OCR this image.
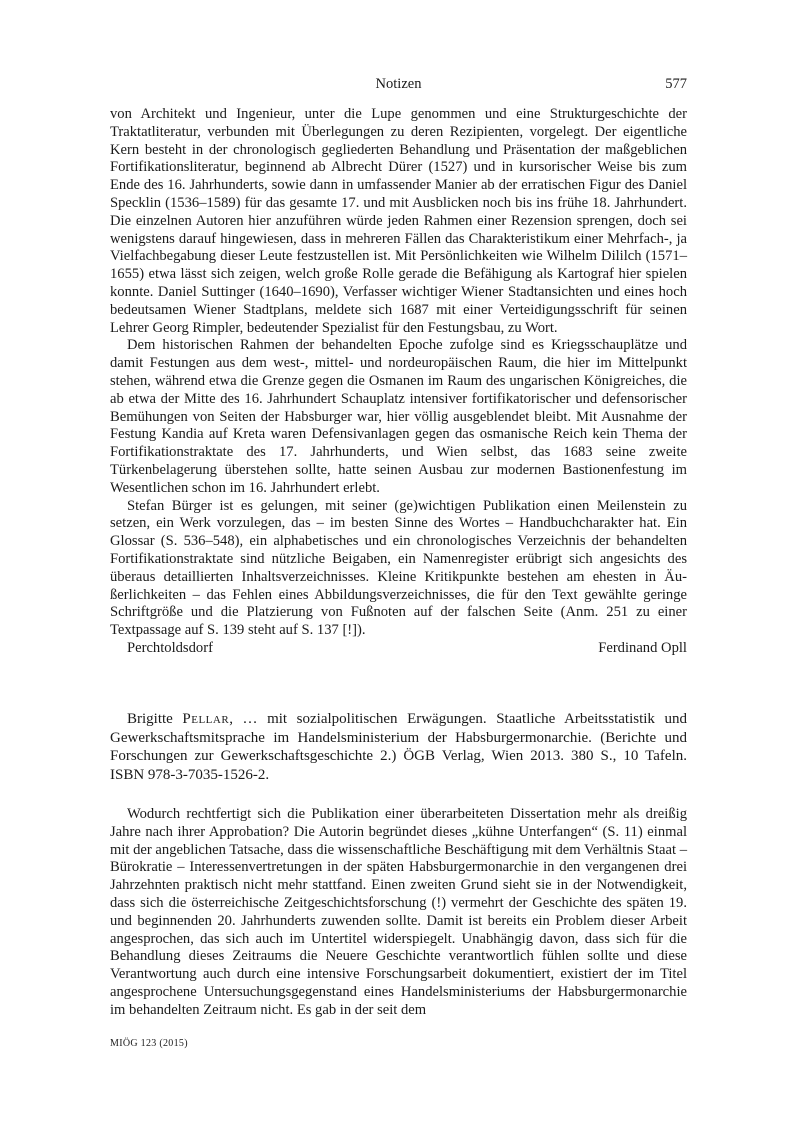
Notizen	577

von Architekt und Ingenieur, unter die Lupe genommen und eine Strukturgeschichte der Traktatliteratur, verbunden mit Überlegungen zu deren Rezipienten, vorgelegt. Der eigentliche Kern besteht in der chronologisch gegliederten Behandlung und Präsentation der maßgeblichen Fortifikationsliteratur, beginnend ab Albrecht Dürer (1527) und in kursorischer Weise bis zum Ende des 16. Jahrhunderts, sowie dann in umfassender Manier ab der erratischen Figur des Daniel Specklin (1536–1589) für das gesamte 17. und mit Ausblicken noch bis ins frühe 18. Jahrhundert. Die einzelnen Autoren hier anzuführen würde jeden Rahmen einer Rezension sprengen, doch sei wenigstens darauf hingewiesen, dass in mehreren Fällen das Charakteristikum einer Mehrfach-, ja Vielfachbegabung dieser Leute festzustellen ist. Mit Persönlichkeiten wie Wilhelm Dililch (1571–1655) etwa lässt sich zeigen, welch große Rolle gerade die Befähigung als Kartograf hier spielen konnte. Daniel Suttinger (1640–1690), Verfasser wichtiger Wiener Stadtansichten und eines hoch bedeutsamen Wiener Stadtplans, meldete sich 1687 mit einer Verteidigungsschrift für seinen Lehrer Georg Rimpler, bedeutender Spezialist für den Festungsbau, zu Wort.

Dem historischen Rahmen der behandelten Epoche zufolge sind es Kriegsschauplätze und damit Festungen aus dem west-, mittel- und nordeuropäischen Raum, die hier im Mittelpunkt stehen, während etwa die Grenze gegen die Osmanen im Raum des ungarischen Königreiches, die ab etwa der Mitte des 16. Jahrhundert Schauplatz intensiver fortifikatorischer und defensorischer Bemühungen von Seiten der Habsburger war, hier völlig ausgeblendet bleibt. Mit Ausnahme der Festung Kandia auf Kreta waren Defensivanlagen gegen das osmanische Reich kein Thema der Fortifikationstraktate des 17. Jahrhunderts, und Wien selbst, das 1683 seine zweite Türkenbelagerung überstehen sollte, hatte seinen Ausbau zur modernen Bastionenfestung im Wesentlichen schon im 16. Jahrhundert erlebt.

Stefan Bürger ist es gelungen, mit seiner (ge)wichtigen Publikation einen Meilenstein zu setzen, ein Werk vorzulegen, das – im besten Sinne des Wortes – Handbuchcharakter hat. Ein Glossar (S. 536–548), ein alphabetisches und ein chronologisches Verzeichnis der behandelten Fortifikationstraktate sind nützliche Beigaben, ein Namenregister erübrigt sich angesichts des überaus detaillierten Inhaltsverzeichnisses. Kleine Kritikpunkte bestehen am ehesten in Äußerlichkeiten – das Fehlen eines Abbildungsverzeichnisses, die für den Text gewählte geringe Schriftgröße und die Platzierung von Fußnoten auf der falschen Seite (Anm. 251 zu einer Textpassage auf S. 139 steht auf S. 137 [!]).

Perchtoldsdorf	Ferdinand Opll

Brigitte Pellar, … mit sozialpolitischen Erwägungen. Staatliche Arbeitsstatistik und Gewerkschaftsmitsprache im Handelsministerium der Habsburgermonarchie. (Berichte und Forschungen zur Gewerkschaftsgeschichte 2.) ÖGB Verlag, Wien 2013. 380 S., 10 Tafeln. ISBN 978-3-7035-1526-2.

Wodurch rechtfertigt sich die Publikation einer überarbeiteten Dissertation mehr als dreißig Jahre nach ihrer Approbation? Die Autorin begründet dieses „kühne Unterfangen“ (S. 11) einmal mit der angeblichen Tatsache, dass die wissenschaftliche Beschäftigung mit dem Verhältnis Staat – Bürokratie – Interessenvertretungen in der späten Habsburgermonarchie in den vergangenen drei Jahrzehnten praktisch nicht mehr stattfand. Einen zweiten Grund sieht sie in der Notwendigkeit, dass sich die österreichische Zeitgeschichtsforschung (!) vermehrt der Geschichte des späten 19. und beginnenden 20. Jahrhunderts zuwenden sollte. Damit ist bereits ein Problem dieser Arbeit angesprochen, das sich auch im Untertitel widerspiegelt. Unabhängig davon, dass sich für die Behandlung dieses Zeitraums die Neuere Geschichte verantwortlich fühlen sollte und diese Verantwortung auch durch eine intensive Forschungsarbeit dokumentiert, existiert der im Titel angesprochene Untersuchungsgegenstand eines Handelsministeriums der Habsburgermonarchie im behandelten Zeitraum nicht. Es gab in der seit dem

MIÖG 123 (2015)
